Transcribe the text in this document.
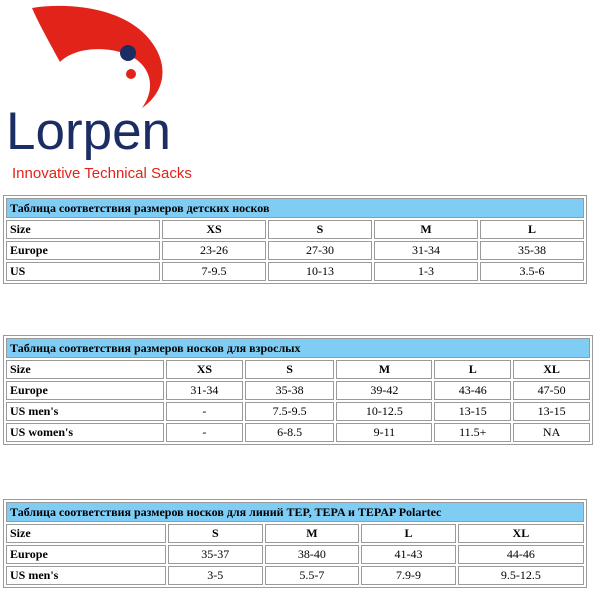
Lorpen
Innovative Technical Sacks
Таблица соответствия размеров детских носков				
Size	XS	S	M	L
Europe	23-26	27-30	31-34	35-38
US	7-9.5	10-13	1-3	3.5-6
Таблица соответствия размеров носков для взрослых					
Size	XS	S	M	L	XL
Europe	31-34	35-38	39-42	43-46	47-50
US men's	-	7.5-9.5	10-12.5	13-15	13-15
US women's	-	6-8.5	9-11	11.5+	NA
Таблица соответствия размеров носков для линий TEP, TEPA и TEPAP Polartec				
Size	S	M	L	XL
Europe	35-37	38-40	41-43	44-46
US men's	3-5	5.5-7	7.9-9	9.5-12.5
